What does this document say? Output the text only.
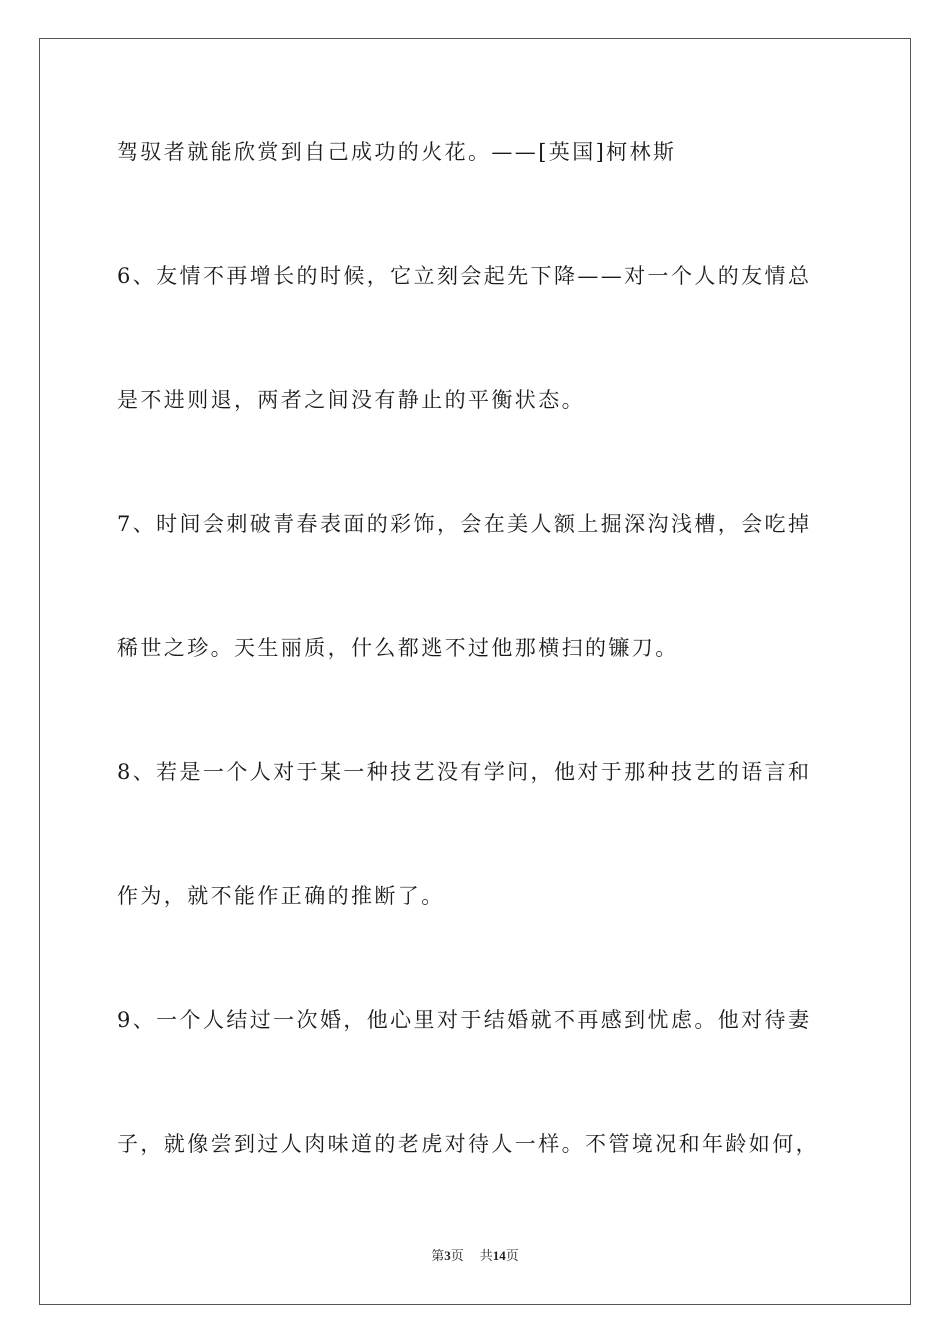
驾驭者就能欣赏到自己成功的火花。——[英国]柯林斯
6、友情不再增长的时候，它立刻会起先下降——对一个人的友情总
是不进则退，两者之间没有静止的平衡状态。
7、时间会刺破青春表面的彩饰，会在美人额上掘深沟浅槽，会吃掉
稀世之珍。天生丽质，什么都逃不过他那横扫的镰刀。
8、若是一个人对于某一种技艺没有学问，他对于那种技艺的语言和
作为，就不能作正确的推断了。
9、一个人结过一次婚，他心里对于结婚就不再感到忧虑。他对待妻
子，就像尝到过人肉味道的老虎对待人一样。不管境况和年龄如何，
第3页 共14页
